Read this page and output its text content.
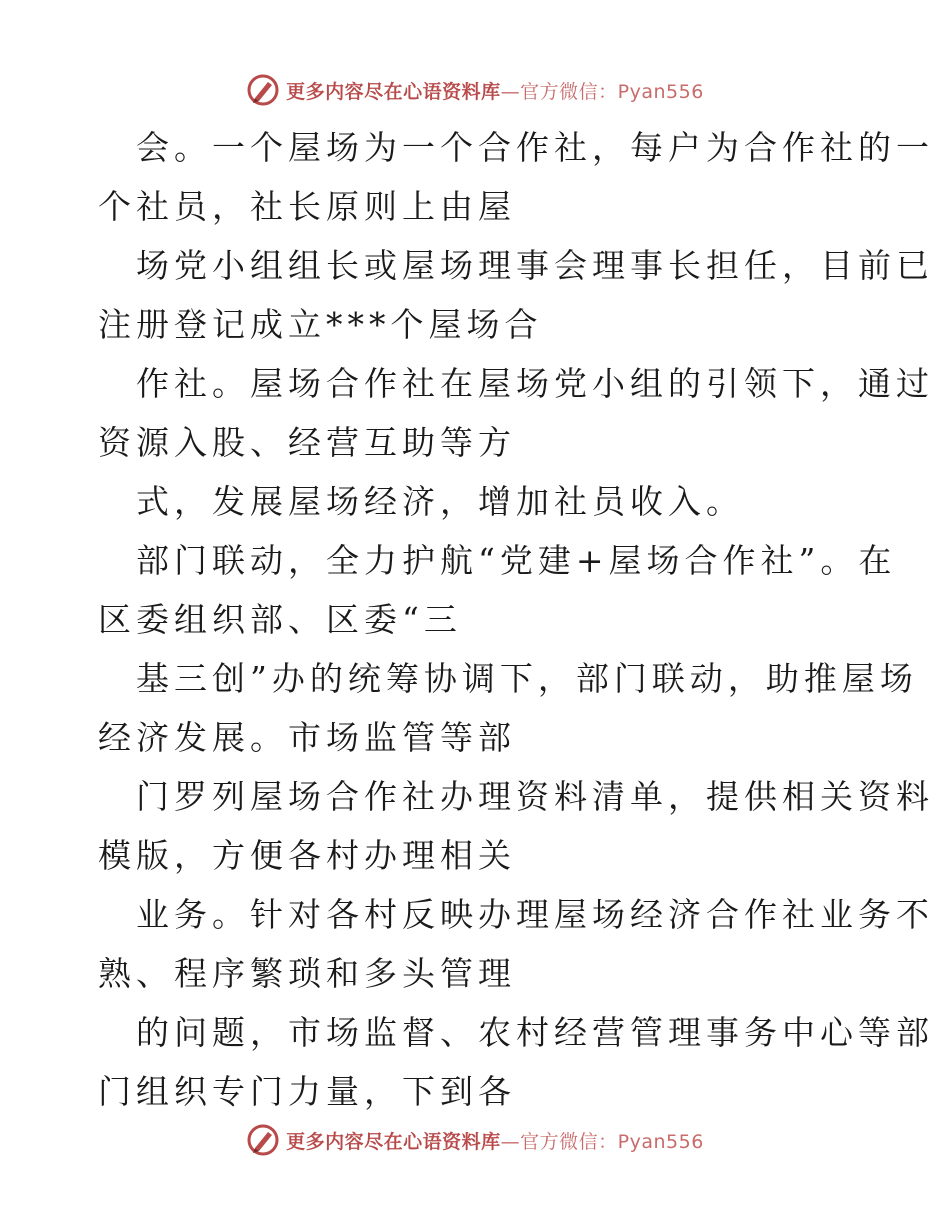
更多内容尽在心语资料库—官方微信：Pyan556

会。一个屋场为一个合作社，每户为合作社的一
个社员，社长原则上由屋

场党小组组长或屋场理事会理事长担任，目前已
注册登记成立***个屋场合

作社。屋场合作社在屋场党小组的引领下，通过
资源入股、经营互助等方

式，发展屋场经济，增加社员收入。

部门联动，全力护航“党建+屋场合作社”。在
区委组织部、区委“三

基三创”办的统筹协调下，部门联动，助推屋场
经济发展。市场监管等部

门罗列屋场合作社办理资料清单，提供相关资料
模版，方便各村办理相关

业务。针对各村反映办理屋场经济合作社业务不
熟、程序繁琐和多头管理

的问题，市场监督、农村经营管理事务中心等部
门组织专门力量，下到各

更多内容尽在心语资料库—官方微信：Pyan556
